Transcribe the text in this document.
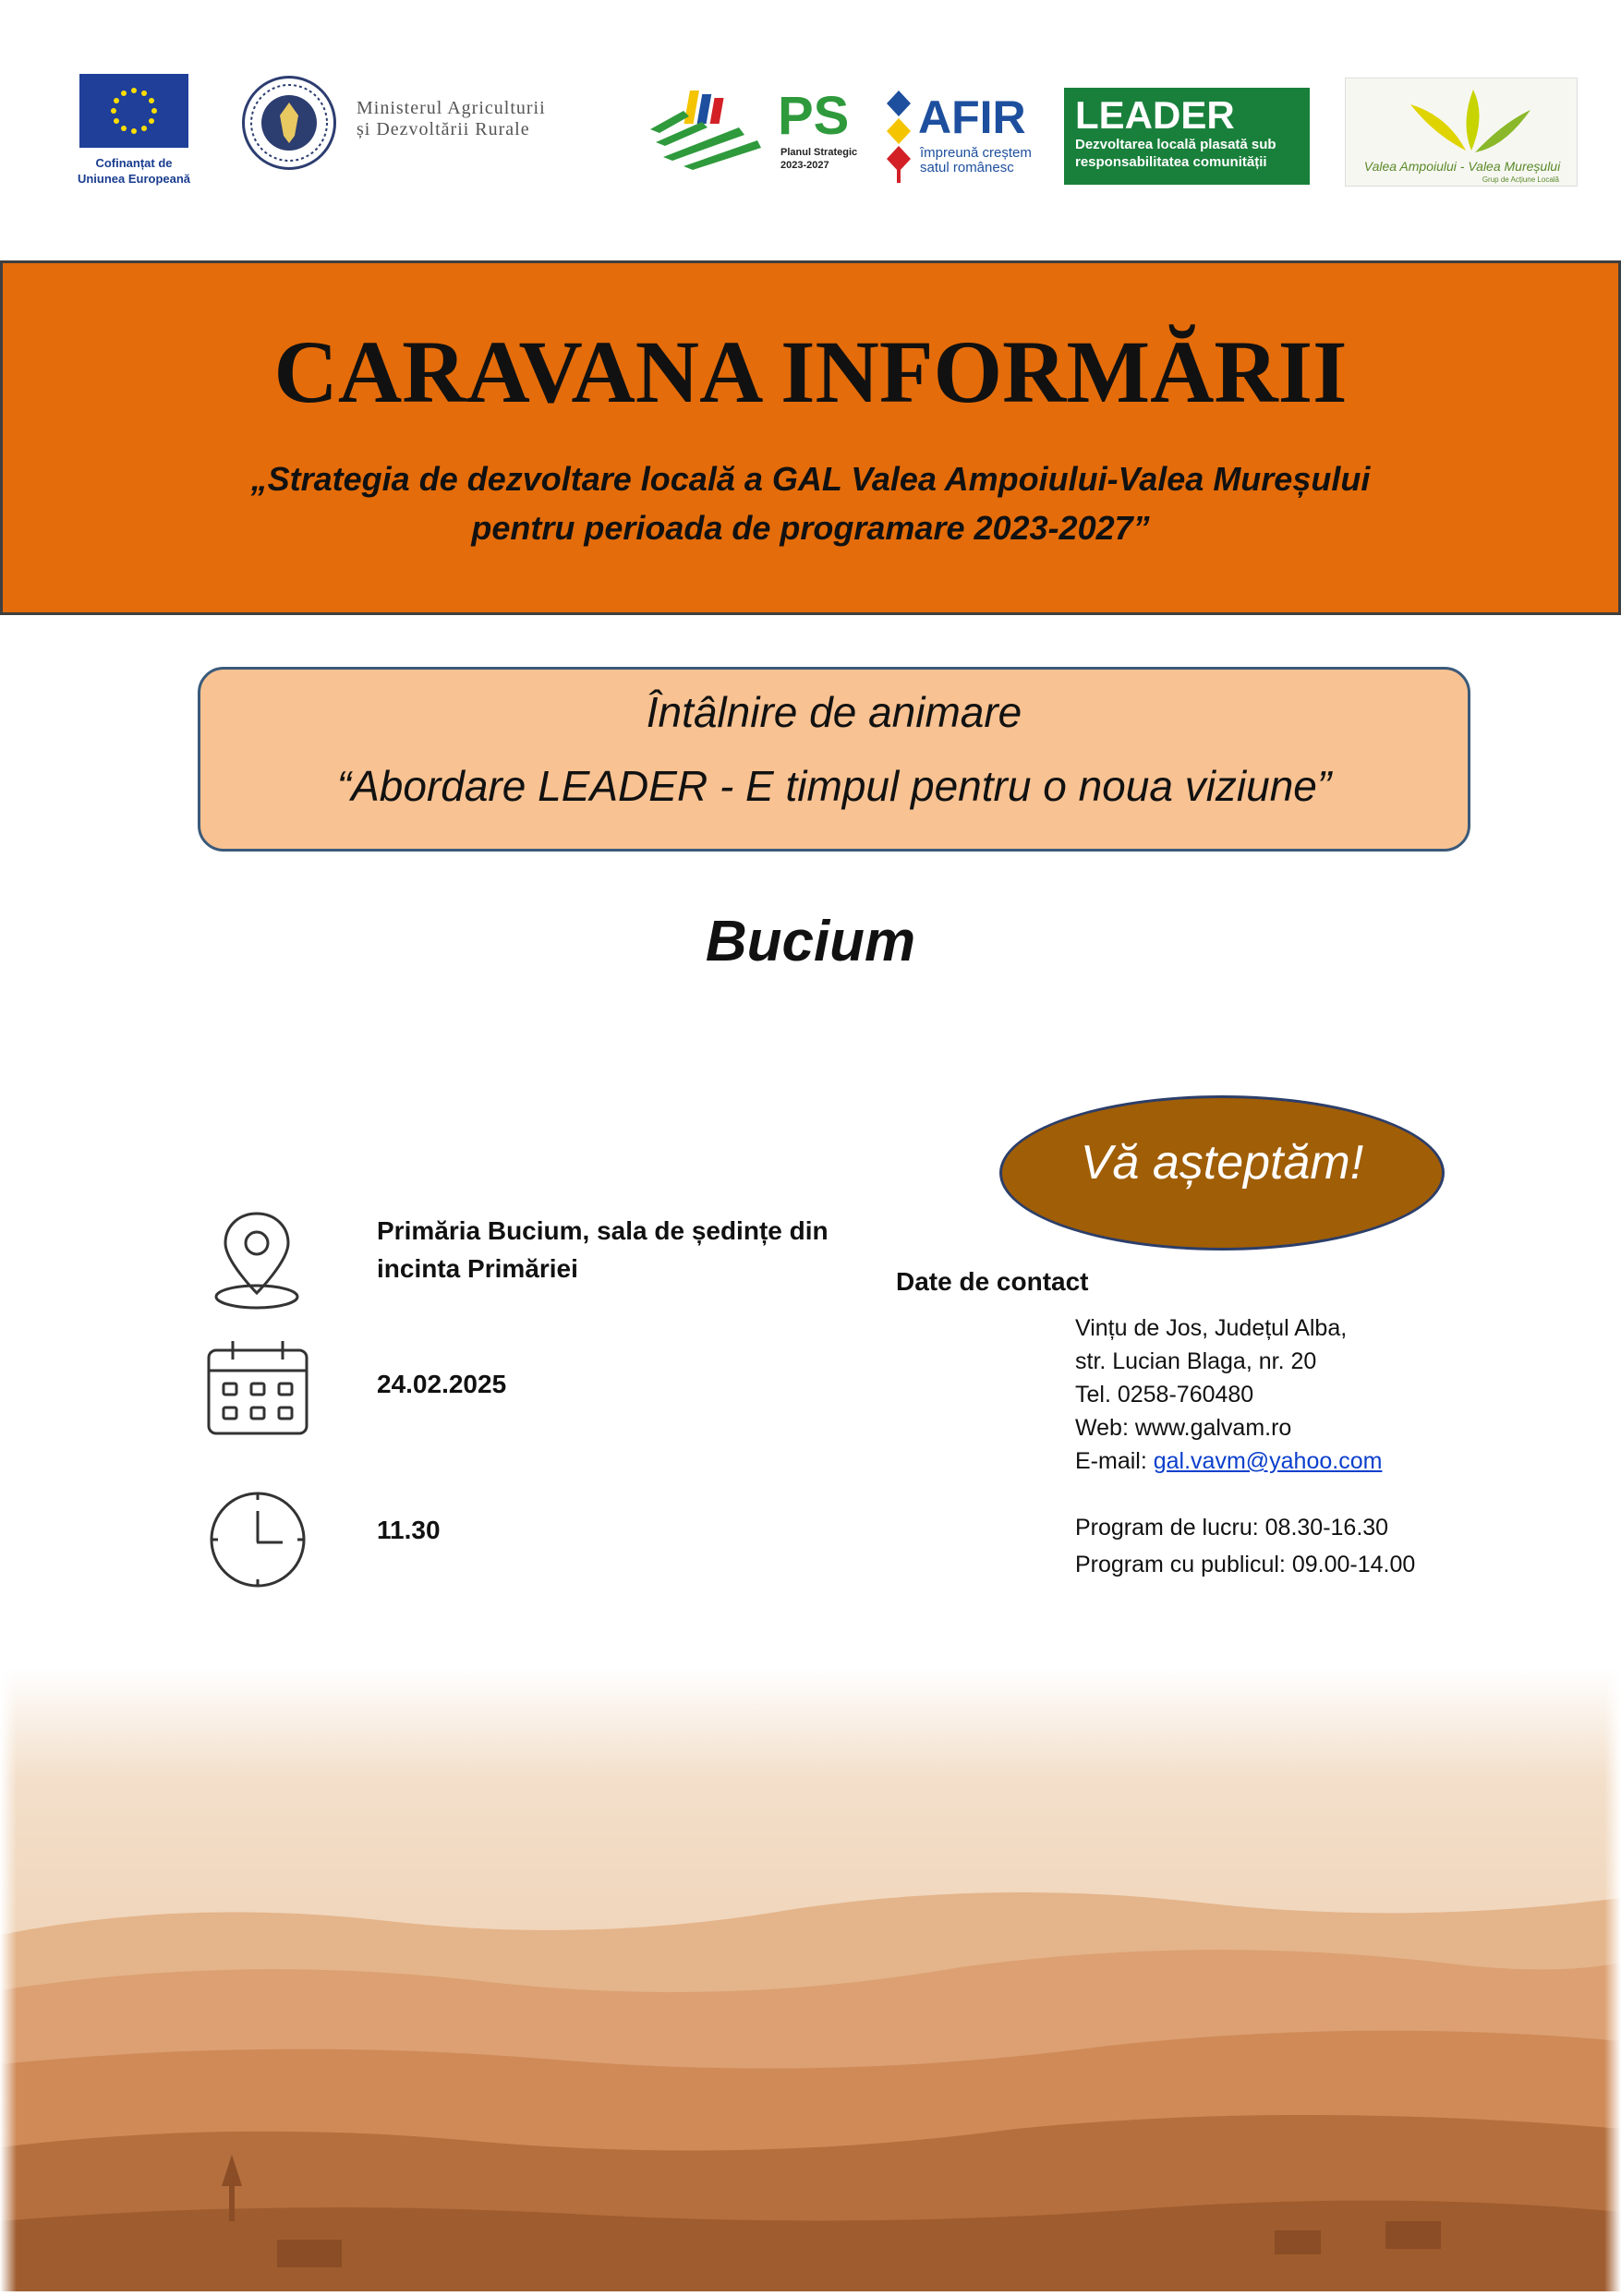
Cofinanțat de
Uniunea Europeană
Ministerul Agriculturii
și Dezvoltării Rurale	PS
Planul Strategic
2023-2027
AFIR
împreună creștem
satul românesc
LEADER
Dezvoltarea locală plasată sub
responsabilitatea comunității	Valea Ampoiului - Valea Mureșului
Grup de Acțiune Locală
CARAVANA INFORMĂRII
„Strategia de dezvoltare locală a GAL Valea Ampoiului-Valea Mureșului
pentru perioada de programare 2023-2027”
Întâlnire de animare
“Abordare LEADER - E timpul pentru o noua viziune”
Bucium
Vă așteptăm!
Primăria Bucium, sala de ședințe din
incinta Primăriei
24.02.2025
11.30
Date de contact
Vințu de Jos, Județul Alba,
str. Lucian Blaga, nr. 20
Tel. 0258-760480
Web: www.galvam.ro
E-mail: gal.vavm@yahoo.com
Program de lucru: 08.30-16.30
Program cu publicul: 09.00-14.00
